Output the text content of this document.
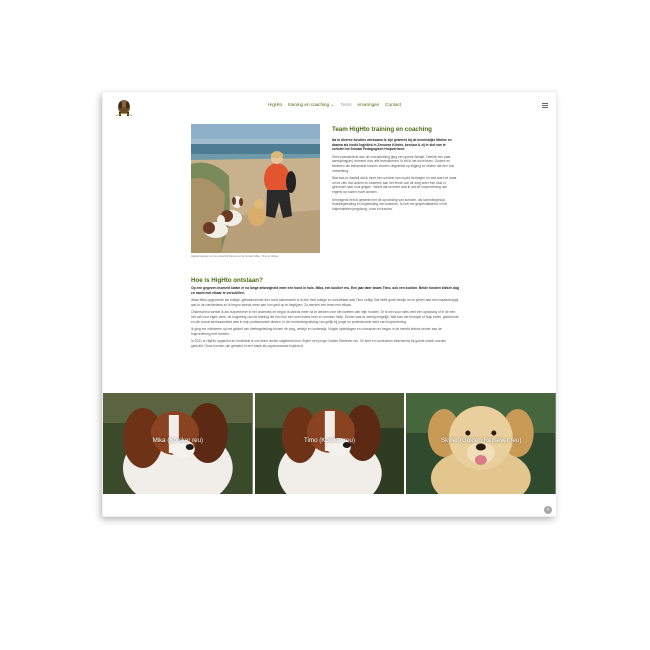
HigHto training en coaching ⌄ Team ervaringen Contact
HigHto trainster op het strand bij Duinen en de honden Mika, Timo en Skyler
Team HigHto training en coaching

Na in diverse functies werkzaam te zijn geweest bij de kennisbijke Marine en daarna als hoofd logistiek in Zeeuwse Kliniek, bestuur & zij in slot van te scholen tot Sociaal Pedagogisch Hulpverlener.

Direct aansluitend aan de vooropleiding ging een goede Bewjte. Deelde een paar aanwijzing(en) moment voor alle betrokkenen. Ik wil ik het nooit team. Ouders en kinderen die behandeld kunnen worden uitgebreid op stijging ze vinden dat een hun ontwerking.

Wat was er daarbij dat ik deze een oordeel van mycht bedragen en wat was het maar om te zien dat ouders en kinderen aan het einde van de zorg weer een stuk in gezonder naar huis gingen. Vanuit dat moment wist ik dat de hulpverlening ook ergens op rusten moet worden.

Vervolgens heb ik gewerkt met de opvoeding van scholen, als scheidingshulp, thuisbegeleiding en begeleiding van kinderen. Ik heb me gespecialiseerd in het hulpmiddelen jeugdzorg, rouw en trauma.

Hoe is HigHto ontstaan?

Op een gegeven moment kwam er na lange afwezigheid weer een hond in huis. Mika, een kooiker reu. Een jaar later kwam Timo, ook een kooiker. Beide honden bleken dag en nacht met elkaar te verschillen.

Waar Mika opgevoede als rustige, gebalanceerde dier hond samenwerk is ik drie heel rustige en schuifelaar was Timo nuttig! Dat heeft grote bewijs om te geven aan een maatschappij, aan in de handenfase en ik begon steeds meer aan hun geld op te begrijpen. Zo werden een team met elkaar.

Onderscheid werkte ik als hulpverlener in het onderwijs en begon ik steeds meer na te denken over het inzetten van mijn honden. Er is niet voor niets veel een oplossing of in de een het vak voor eigen werk, de koppeling van de training die hun hun een snel iedere keer en mensen hielp. Eerder was er weinig mogelijk. Wat was het therapie of hulp ezerk, gedurende en die vooral werkzaamheid was in mijn professionele doelen, in de hondenbegeleiding van gelijk bij jonge en professionele werk van hulpverlening.

Ik ging me oriënteren op het gebied van dierbegeleiding binnen de zorg, welzijn en onderwijs. Volgde opleidingen en cursussen en begon in de wereld steeds verder aan de hulpverlening met honden.

In 2021 is HigHto opgericht en inmiddels is ons team verder uitgebreid door Skyler een jonge Golden Retriever reu. Ze leert en voorkomen beschermd bij goede match worden gebruikt. Onze honden zijn getraind in een basis als psychosociaal hulphond.

Mika (Kooiker reu)	Timo (Kooiker reu)	Skyler (Golden Retriever reu)
˄
